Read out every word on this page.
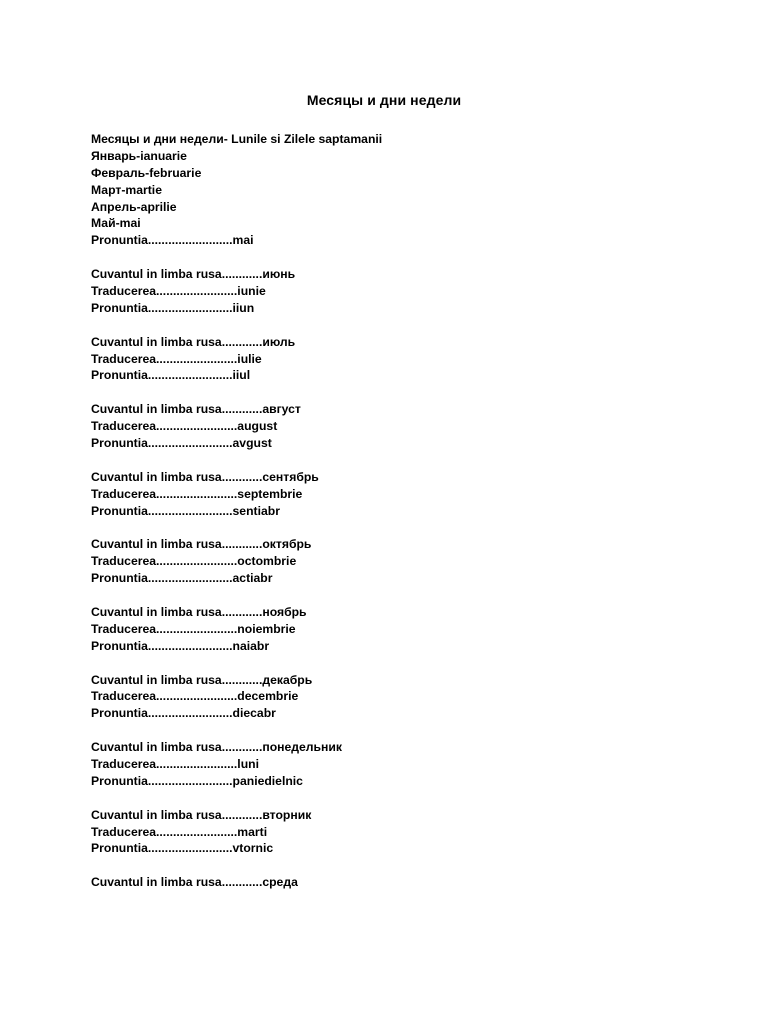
Месяцы и дни недели
Месяцы и дни недели- Lunile si Zilele saptamanii
Январь-ianuarie
Февраль-februarie
Март-martie
Апрель-aprilie
Май-mai
Pronuntia.........................mai
Cuvantul in limba rusa............июнь
Traducerea........................iunie
Pronuntia.........................iiun
Cuvantul in limba rusa............июль
Traducerea........................iulie
Pronuntia.........................iiul
Cuvantul in limba rusa............август
Traducerea........................august
Pronuntia.........................avgust
Cuvantul in limba rusa............сентябрь
Traducerea........................septembrie
Pronuntia.........................sentiabr
Cuvantul in limba rusa............октябрь
Traducerea........................octombrie
Pronuntia.........................actiabr
Cuvantul in limba rusa............ноябрь
Traducerea........................noiembrie
Pronuntia.........................naiabr
Cuvantul in limba rusa............декабрь
Traducerea........................decembrie
Pronuntia.........................diecabr
Cuvantul in limba rusa............понедельник
Traducerea........................luni
Pronuntia.........................paniedielnic
Cuvantul in limba rusa............вторник
Traducerea........................marti
Pronuntia.........................vtornic
Cuvantul in limba rusa............среда
